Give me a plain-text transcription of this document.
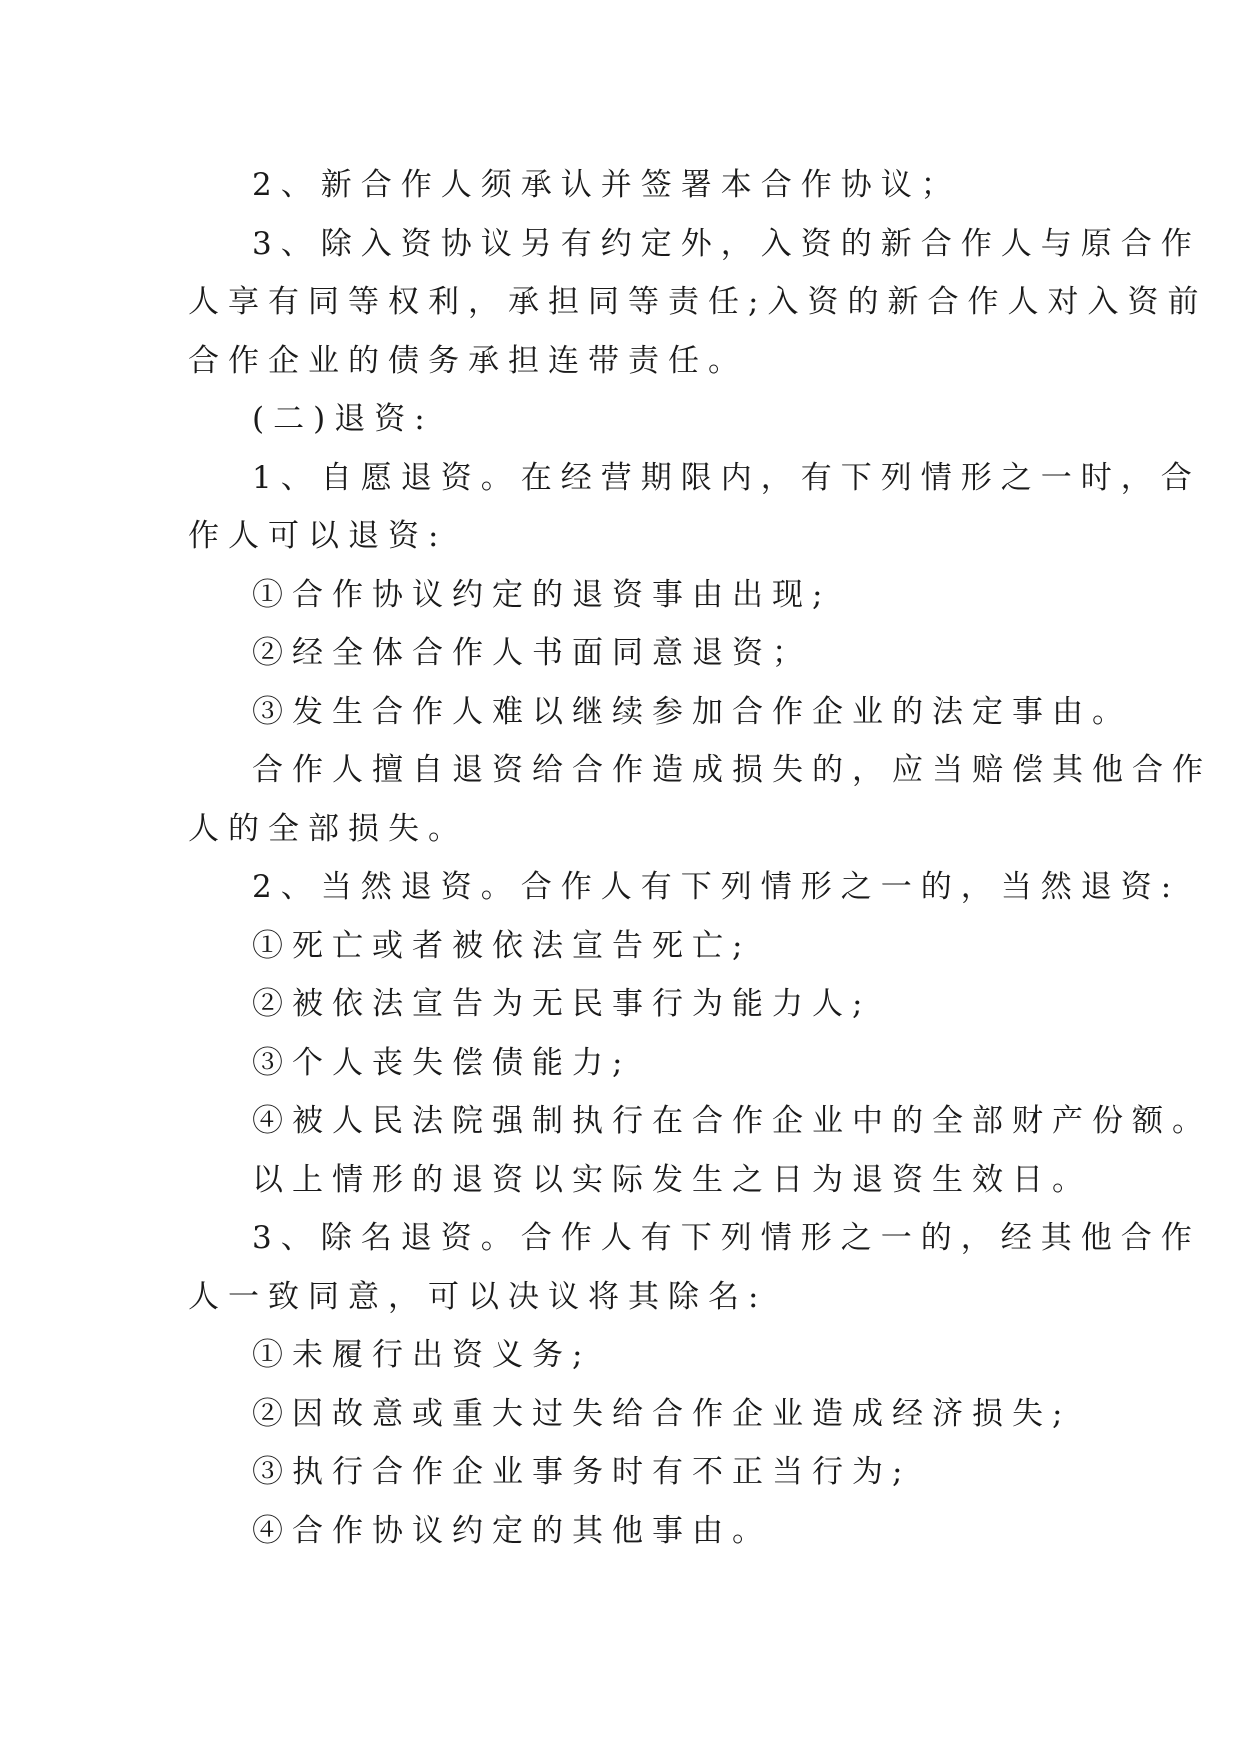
2、新合作人须承认并签署本合作协议；
3、除入资协议另有约定外，入资的新合作人与原合作
人享有同等权利，承担同等责任;入资的新合作人对入资前
合作企业的债务承担连带责任。
(二)退资:
1、自愿退资。在经营期限内，有下列情形之一时，合
作人可以退资:
①合作协议约定的退资事由出现;
②经全体合作人书面同意退资；
③发生合作人难以继续参加合作企业的法定事由。
合作人擅自退资给合作造成损失的，应当赔偿其他合作
人的全部损失。
2、当然退资。合作人有下列情形之一的，当然退资:
①死亡或者被依法宣告死亡;
②被依法宣告为无民事行为能力人;
③个人丧失偿债能力;
④被人民法院强制执行在合作企业中的全部财产份额。
以上情形的退资以实际发生之日为退资生效日。
3、除名退资。合作人有下列情形之一的，经其他合作
人一致同意，可以决议将其除名:
①未履行出资义务;
②因故意或重大过失给合作企业造成经济损失;
③执行合作企业事务时有不正当行为;
④合作协议约定的其他事由。
